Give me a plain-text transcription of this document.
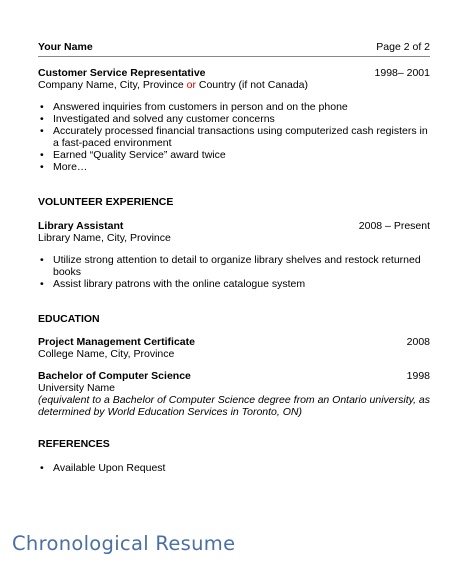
Your Name	Page 2 of 2
Customer Service Representative	1998– 2001
Company Name, City, Province or Country (if not Canada)
• Answered inquiries from customers in person and on the phone
• Investigated and solved any customer concerns
• Accurately processed financial transactions using computerized cash registers in a fast-paced environment
• Earned “Quality Service” award twice
• More…
VOLUNTEER EXPERIENCE
Library Assistant	2008 – Present
Library Name, City, Province
• Utilize strong attention to detail to organize library shelves and restock returned books
• Assist library patrons with the online catalogue system
EDUCATION
Project Management Certificate	2008
College Name, City, Province
Bachelor of Computer Science	1998
University Name
(equivalent to a Bachelor of Computer Science degree from an Ontario university, as determined by World Education Services in Toronto, ON)
REFERENCES
• Available Upon Request
Chronological Resume
